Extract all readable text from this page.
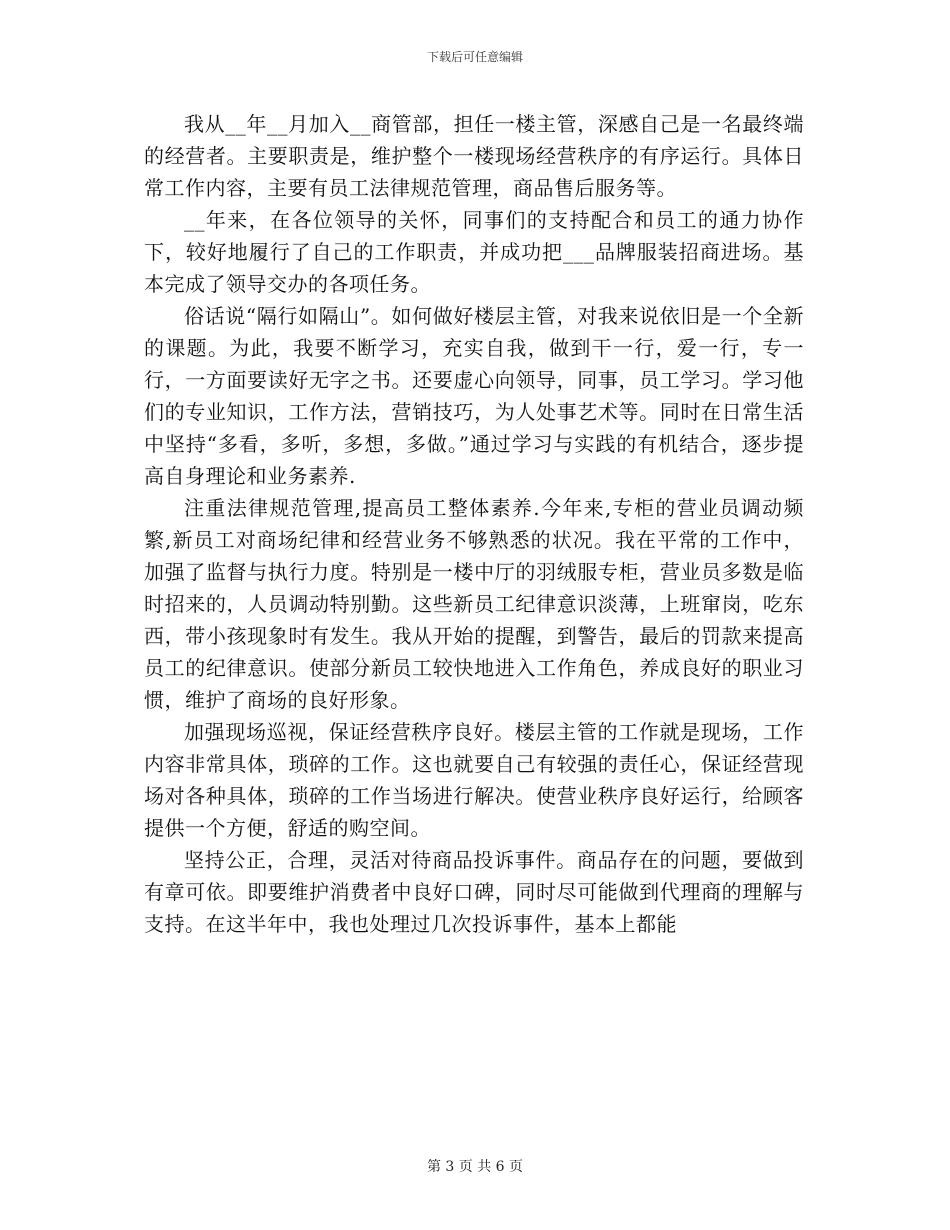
下载后可任意编辑

我从__年__月加入__商管部，担任一楼主管，深感自己是一名最终端的经营者。主要职责是，维护整个一楼现场经营秩序的有序运行。具体日常工作内容，主要有员工法律规范管理，商品售后服务等。

__年来，在各位领导的关怀，同事们的支持配合和员工的通力协作下，较好地履行了自己的工作职责，并成功把___品牌服装招商进场。基本完成了领导交办的各项任务。

俗话说“隔行如隔山”。如何做好楼层主管，对我来说依旧是一个全新的课题。为此，我要不断学习，充实自我，做到干一行，爱一行，专一行，一方面要读好无字之书。还要虚心向领导，同事，员工学习。学习他们的专业知识，工作方法，营销技巧，为人处事艺术等。同时在日常生活中坚持“多看，多听，多想，多做。”通过学习与实践的有机结合，逐步提高自身理论和业务素养.

注重法律规范管理,提高员工整体素养.今年来,专柜的营业员调动频繁,新员工对商场纪律和经营业务不够熟悉的状况。我在平常的工作中，加强了监督与执行力度。特别是一楼中厅的羽绒服专柜，营业员多数是临时招来的，人员调动特别勤。这些新员工纪律意识淡薄，上班窜岗，吃东西，带小孩现象时有发生。我从开始的提醒，到警告，最后的罚款来提高员工的纪律意识。使部分新员工较快地进入工作角色，养成良好的职业习惯，维护了商场的良好形象。

加强现场巡视，保证经营秩序良好。楼层主管的工作就是现场，工作内容非常具体，琐碎的工作。这也就要自己有较强的责任心，保证经营现场对各种具体，琐碎的工作当场进行解决。使营业秩序良好运行，给顾客提供一个方便，舒适的购空间。

坚持公正，合理，灵活对待商品投诉事件。商品存在的问题，要做到有章可依。即要维护消费者中良好口碑，同时尽可能做到代理商的理解与支持。在这半年中，我也处理过几次投诉事件，基本上都能

第 3 页 共 6 页
